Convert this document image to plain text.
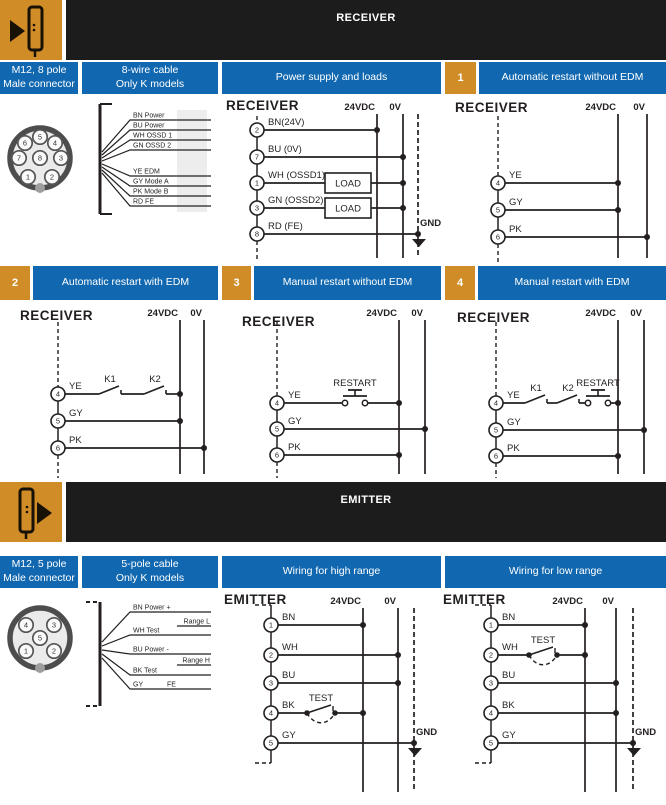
RECEIVER
M12, 8 pole
Male connector
8-wire cable
Only K models
Power supply and loads	1	Automatic restart without EDM
5
6	4
7 8 3
1	2
BN Power
BU Power
WH OSSD 1
GN OSSD 2
YE EDM
GY Mode A
PK Mode B
RD FE
RECEIVER	24VDC 0V
2
BN(24V)
7
BU (0V)
LOAD
1
WH (OSSD1)
LOAD
3
GN (OSSD2)
GND
8
RD (FE)
RECEIVER	24VDC 0V
4
YE
5
GY
6
PK
2	Automatic restart with EDM	3	Manual restart without EDM	4	Manual restart with EDM
RECEIVER	24VDC 0V
K1	K2
4
YE
5
GY
6
PK
RECEIVER
24VDC 0V
RESTART
4
YE
5
GY
6
PK
RECEIVER	24VDC 0V
K1 K2 RESTART
4
YE
5
GY
6
PK
EMITTER
M12, 5 pole
Male connector
5-pole cable
Only K models
Wiring for high range	Wiring for low range
4	3
5
1	2
BN Power +
Range L
WH Test
BU Power -
Range H
BK Test
GY	FE
EMITTER	24VDC 0V
1
BN
2
WH
3
BU
TEST
4
BK
GND
5
GY
EMITTER	24VDC 0V
1
BN
TEST
2
WH
3
BU
4
BK
GND
5
GY
